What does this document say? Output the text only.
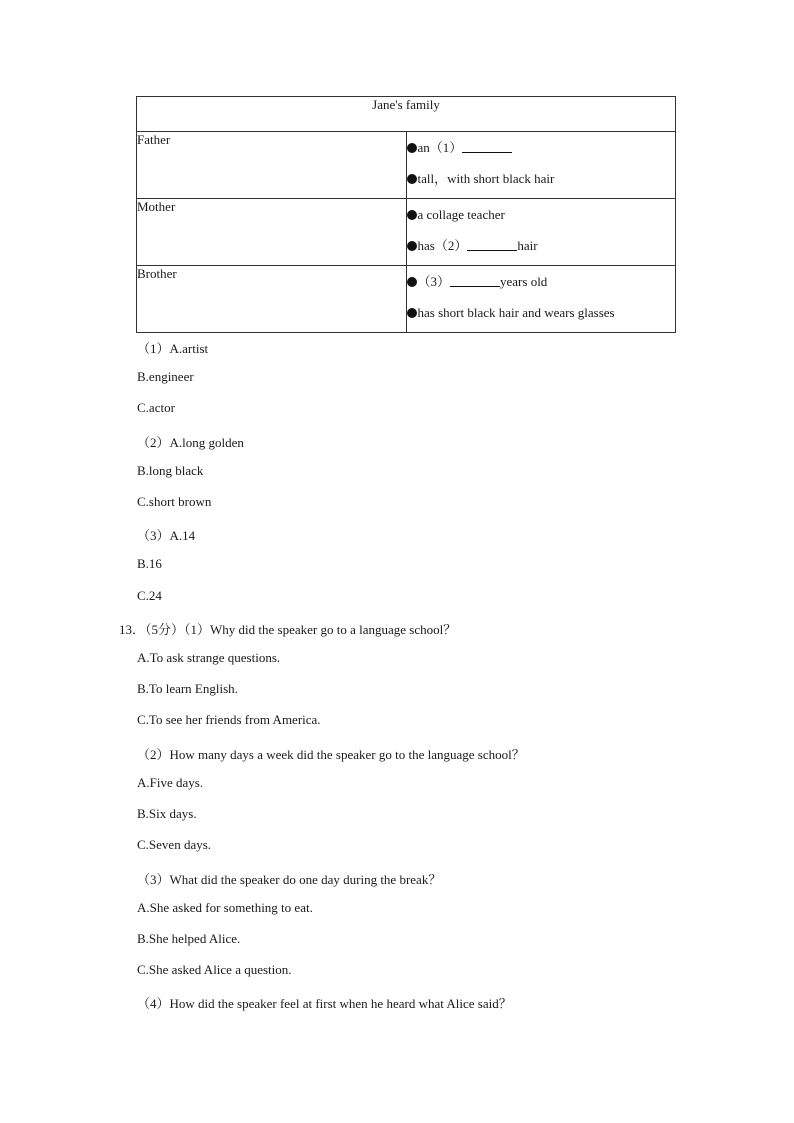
Jane's family	
Father	an（1）
tall，with short black hair

Mother	a collage teacher
has（2） hair

Brother	（3） years old
has short black hair and wears glasses
（1）A.artist
B.engineer
C.actor
（2）A.long golden
B.long black
C.short brown
（3）A.14
B.16
C.24
13．（5分）（1）Why did the speaker go to a language school？
A.To ask strange questions.
B.To learn English.
C.To see her friends from America.
（2）How many days a week did the speaker go to the language school？
A.Five days.
B.Six days.
C.Seven days.
（3）What did the speaker do one day during the break？
A.She asked for something to eat.
B.She helped Alice.
C.She asked Alice a question.
（4）How did the speaker feel at first when he heard what Alice said？
